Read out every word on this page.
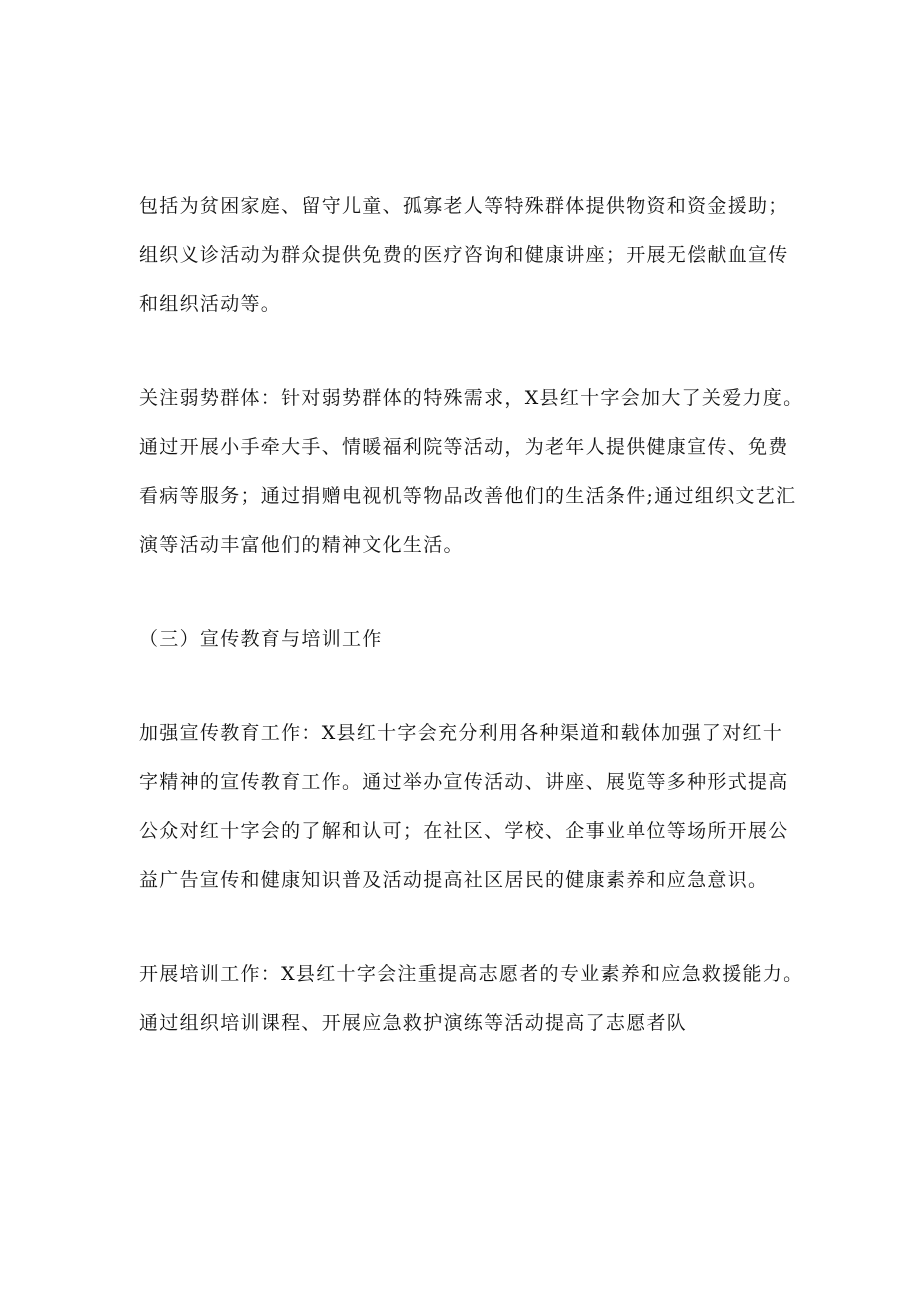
包括为贫困家庭、留守儿童、孤寡老人等特殊群体提供物资和资金援助；
组织义诊活动为群众提供免费的医疗咨询和健康讲座；开展无偿献血宣传
和组织活动等。
关注弱势群体：针对弱势群体的特殊需求，X县红十字会加大了关爱力度。
通过开展小手牵大手、情暖福利院等活动，为老年人提供健康宣传、免费
看病等服务；通过捐赠电视机等物品改善他们的生活条件;通过组织文艺汇
演等活动丰富他们的精神文化生活。
（三）宣传教育与培训工作
加强宣传教育工作：X县红十字会充分利用各种渠道和载体加强了对红十
字精神的宣传教育工作。通过举办宣传活动、讲座、展览等多种形式提高
公众对红十字会的了解和认可；在社区、学校、企事业单位等场所开展公
益广告宣传和健康知识普及活动提高社区居民的健康素养和应急意识。
开展培训工作：X县红十字会注重提高志愿者的专业素养和应急救援能力。
通过组织培训课程、开展应急救护演练等活动提高了志愿者队
